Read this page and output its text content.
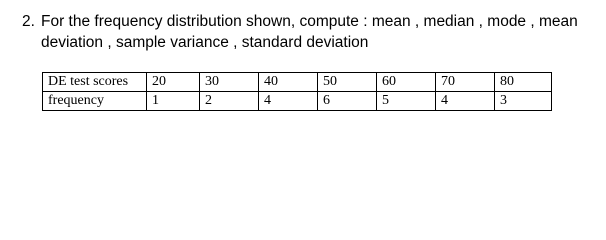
2. For the frequency distribution shown, compute : mean , median , mode , mean
deviation , sample variance , standard deviation
DE test scores	20	30	40	50	60	70	80
frequency	1	2	4	6	5	4	3
